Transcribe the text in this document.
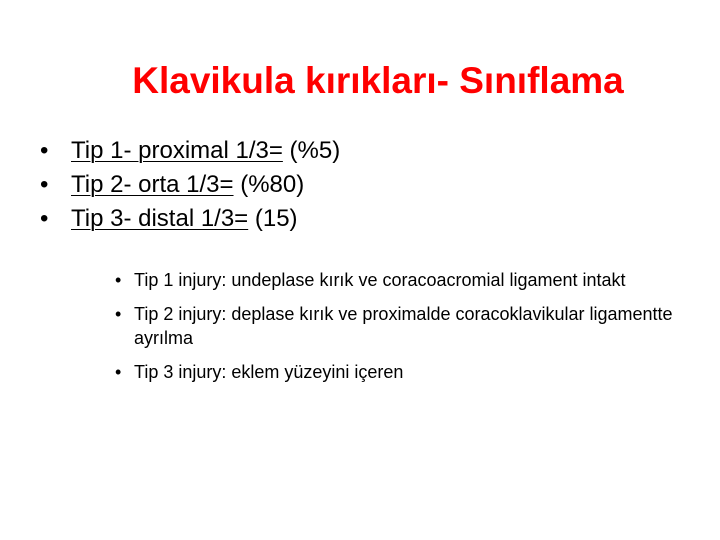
Klavikula kırıkları- Sınıflama
• Tip 1- proximal 1/3= (%5)
• Tip 2- orta 1/3= (%80)
• Tip 3- distal 1/3= (15)
• Tip 1 injury: undeplase kırık ve coracoacromial ligament intakt
• Tip 2 injury: deplase kırık ve proximalde coracoklavikular ligamentte ayrılma
• Tip 3 injury: eklem yüzeyini içeren
